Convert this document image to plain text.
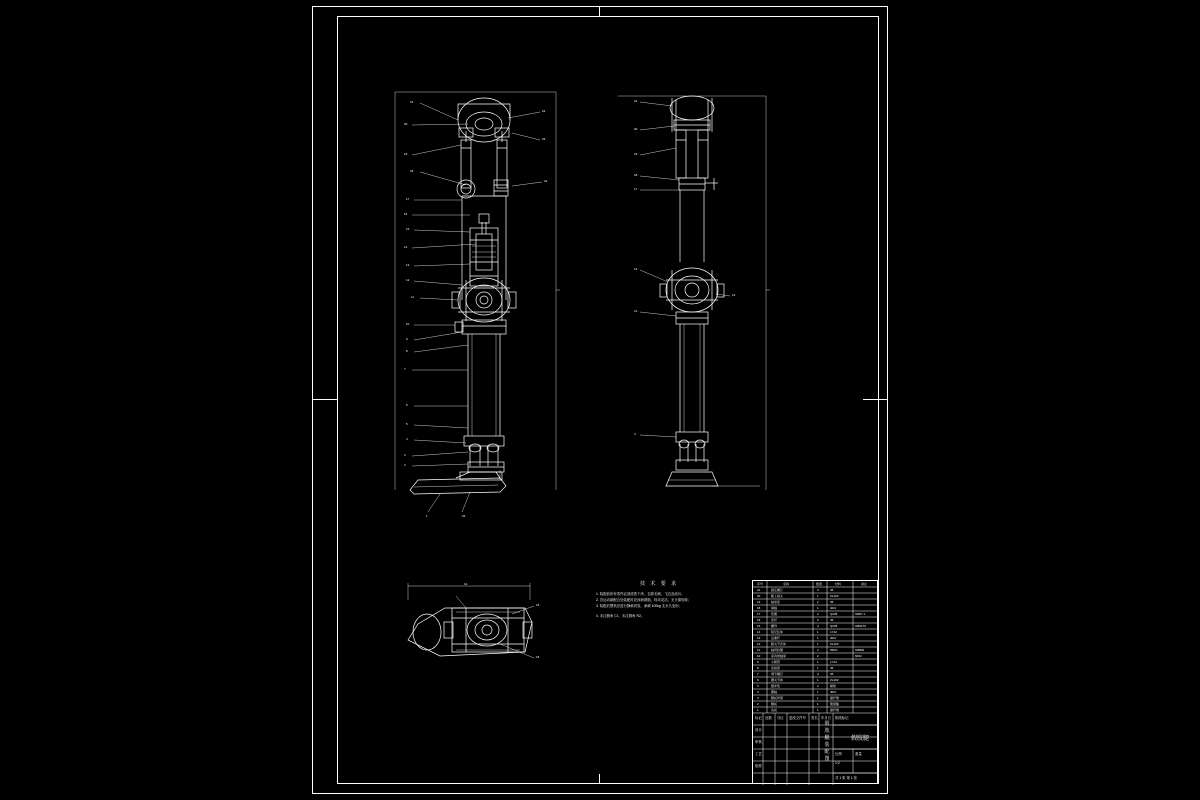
21
20
19
18
17
16
15
14
13
12
11
10
9
8
7
6
5
4
3
2
1
22
23
24
25
21
20
19
18
17
13
12
4
14
16
15
12	技 术 要 求
1. 装配前所有零件必须清洗干净，去除毛刺、飞边及油污；
2. 各运动副配合处装配时应涂润滑脂，转动灵活，无卡滞现象；
3. 装配后整机应进行静载试验，承载 100kg 无永久变形；
4. 未注倒角 C1，未注圆角 R2。
序号	名称	数量	材料	备注
21	固定螺钉	4	45
20	膝上接头	1	ZL102
19	轴承座	2	45
18	销轴	1	40Cr
17	垫圈	2	Q235	GB97.1
16	连杆	2	45
15	螺母	4	Q235	GB6170
14	阻尼缸体	1	LY12
13	活塞杆	1	40Cr
12	膝关节壳体	1	ZL102
11	轴用挡圈	2	65Mn	GB894
10	深沟球轴承	2	6002
9	小腿管	1	LY12
8	连接套	1	45
7	调节螺钉	4	45
6	踝关节体	1	ZL102
5	缓冲垫	2	橡胶
4	踝轴	1	40Cr
3	脚板骨架	1	碳纤维
2	脚板	1	聚氨酯
1	底板	1	碳纤维
标记 处数 分区 更改文件号 签名 年月日
设计
审核
工艺
批准
阶段标记
比例	重量
1:2
共 1 张 第 1 张
假肢腿
假 肢 腿 装 配 图
